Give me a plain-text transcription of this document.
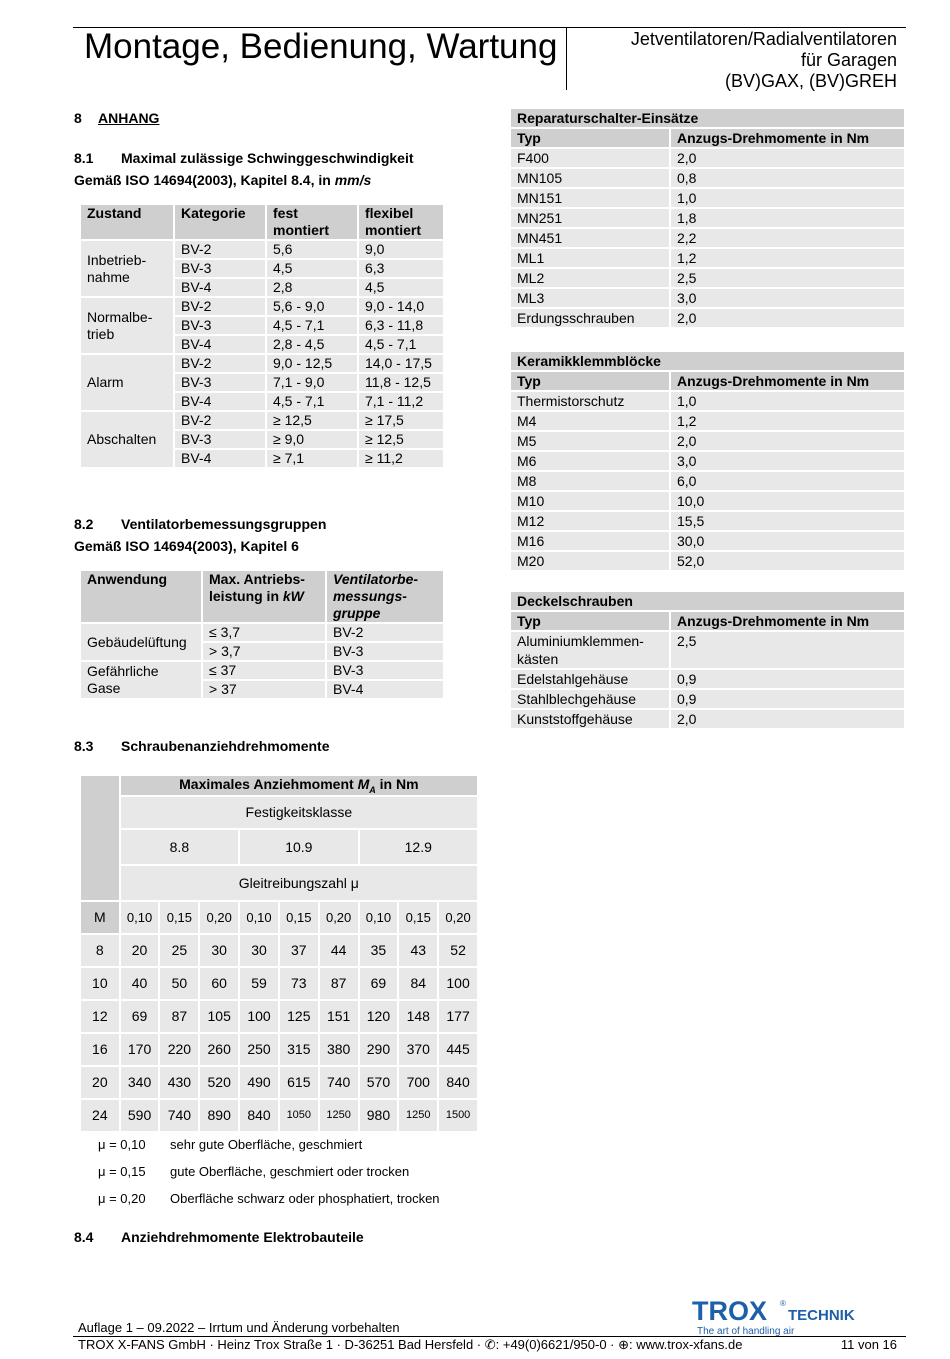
Montage, Bedienung, Wartung	Jetventilatoren/Radialventilatoren
für Garagen
(BV)GAX, (BV)GREH
8 ANHANG
8.1 Maximal zulässige Schwinggeschwindigkeit
Gemäß ISO 14694(2003), Kapitel 8.4, in mm/s
Zustand	Kategorie	fest montiert	flexibel montiert
Inbetrieb-nahme	BV-2	5,6	9,0
	BV-3	4,5	6,3
	BV-4	2,8	4,5
Normalbe-trieb	BV-2	5,6 - 9,0	9,0 - 14,0
	BV-3	4,5 - 7,1	6,3 - 11,8
	BV-4	2,8 - 4,5	4,5 - 7,1
Alarm	BV-2	9,0 - 12,5	14,0 - 17,5
	BV-3	7,1 - 9,0	11,8 - 12,5
	BV-4	4,5 - 7,1	7,1 - 11,2
Abschalten	BV-2	≥ 12,5	≥ 17,5
	BV-3	≥ 9,0	≥ 12,5
	BV-4	≥ 7,1	≥ 11,2
8.2 Ventilatorbemessungsgruppen
Gemäß ISO 14694(2003), Kapitel 6
Anwendung	Max. Antriebs-leistung in kW	Ventilatorbe-messungs-gruppe
Gebäudelüftung	≤ 3,7	BV-2
	> 3,7	BV-3
Gefährliche Gase	≤ 37	BV-3
	> 37	BV-4
8.3 Schraubenanziehdrehmomente
	Maximales Anziehmoment $M_A$ in Nm								
	Festigkeitsklasse								
	8.8			10.9			12.9		
	Gleitreibungszahl μ								
M	0,10	0,15	0,20	0,10	0,15	0,20	0,10	0,15	0,20
8	20	25	30	30	37	44	35	43	52
10	40	50	60	59	73	87	69	84	100
12	69	87	105	100	125	151	120	148	177
16	170	220	260	250	315	380	290	370	445
20	340	430	520	490	615	740	570	700	840
24	590	740	890	840	1050	1250	980	1250	1500
μ = 0,10 sehr gute Oberfläche, geschmiert
μ = 0,15 gute Oberfläche, geschmiert oder trocken
μ = 0,20 Oberfläche schwarz oder phosphatiert, trocken
8.4 Anziehdrehmomente Elektrobauteile
Reparaturschalter-Einsätze	
Typ	Anzugs-Drehmomente in Nm
F400	2,0
MN105	0,8
MN151	1,0
MN251	1,8
MN451	2,2
ML1	1,2
ML2	2,5
ML3	3,0
Erdungsschrauben	2,0
Keramikklemmblöcke	
Typ	Anzugs-Drehmomente in Nm
Thermistorschutz	1,0
M4	1,2
M5	2,0
M6	3,0
M8	6,0
M10	10,0
M12	15,5
M16	30,0
M20	52,0
Deckelschrauben	
Typ	Anzugs-Drehmomente in Nm
Aluminiumklemmen-kästen	2,5
Edelstahlgehäuse	0,9
Stahlblechgehäuse	0,9
Kunststoffgehäuse	2,0
TROX ®
TECHNIK
The art of handling air
Auflage 1 – 09.2022 – Irrtum und Änderung vorbehalten
TROX X-FANS GmbH · Heinz Trox Straße 1 · D-36251 Bad Hersfeld · ✆: +49(0)6621/950-0 · ⊕: www.trox-xfans.de	11 von 16
